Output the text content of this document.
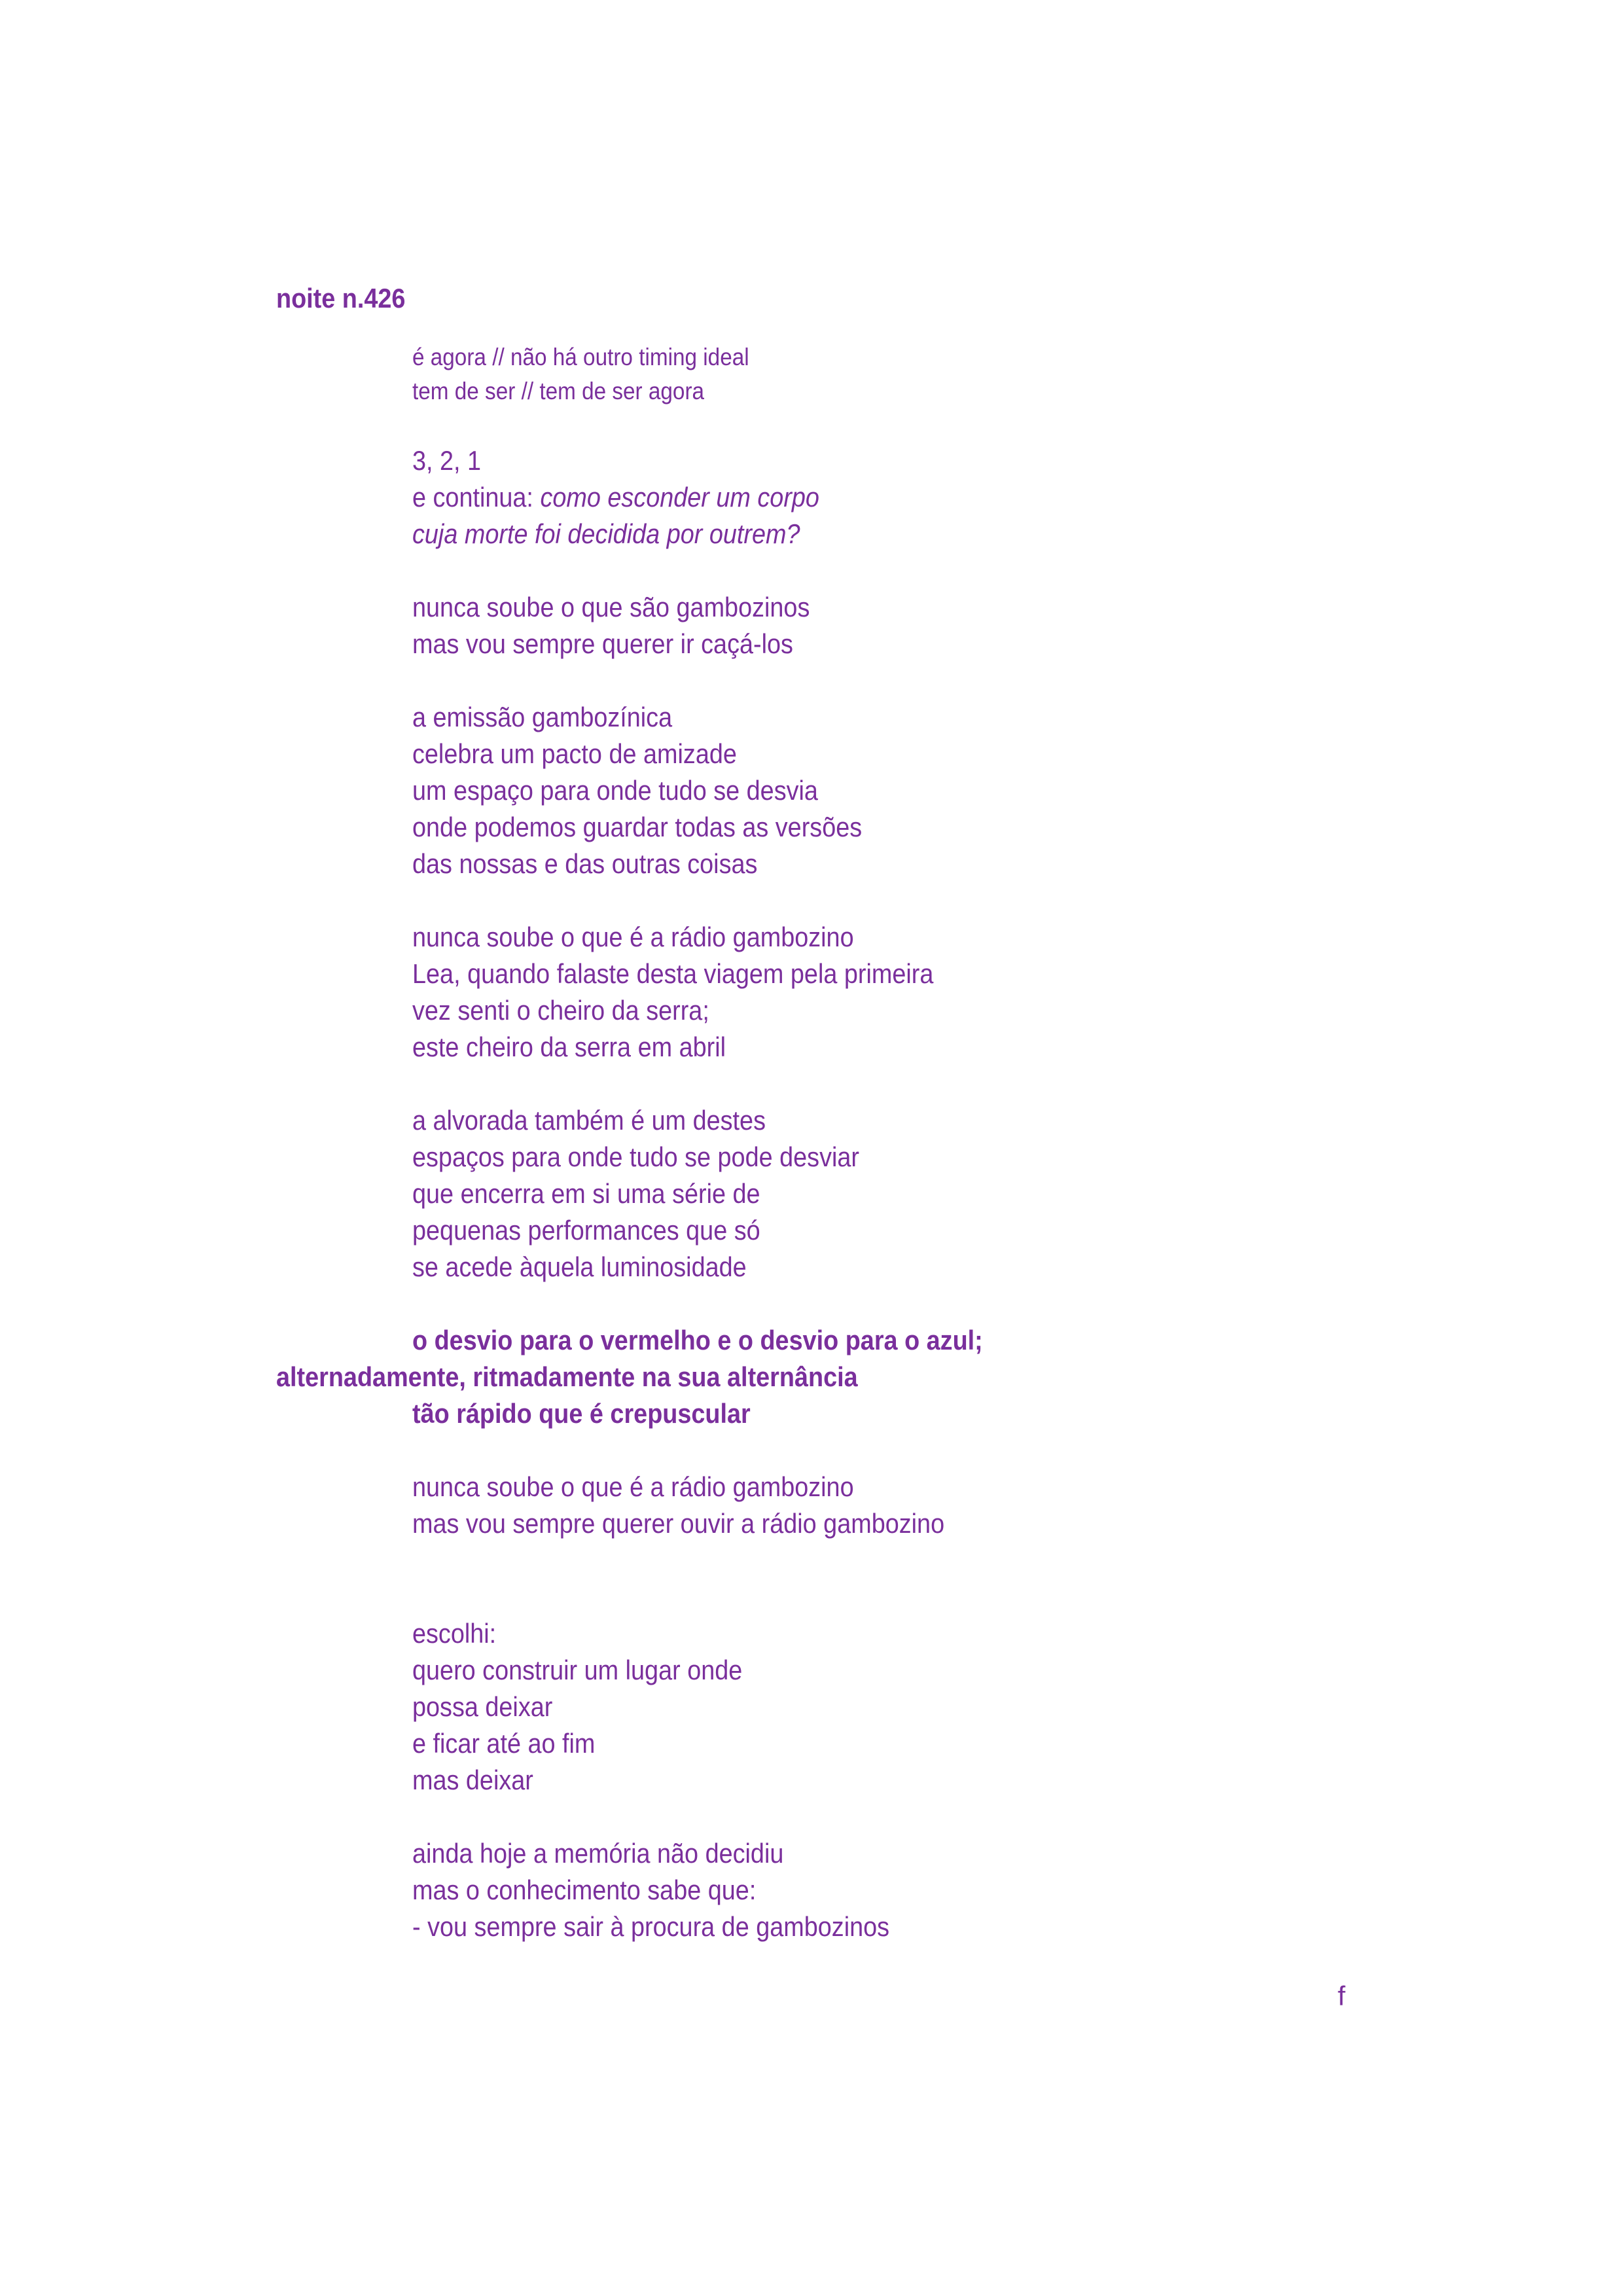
noite n.426
é agora // não há outro timing ideal
tem de ser // tem de ser agora
3, 2, 1
e continua: como esconder um corpo
cuja morte foi decidida por outrem?
nunca soube o que são gambozinos
mas vou sempre querer ir caçá-los
a emissão gambozínica
celebra um pacto de amizade
um espaço para onde tudo se desvia
onde podemos guardar todas as versões
das nossas e das outras coisas
nunca soube o que é a rádio gambozino
Lea, quando falaste desta viagem pela primeira
vez senti o cheiro da serra;
este cheiro da serra em abril
a alvorada também é um destes
espaços para onde tudo se pode desviar
que encerra em si uma série de
pequenas performances que só
se acede àquela luminosidade
o desvio para o vermelho e o desvio para o azul;
alternadamente, ritmadamente na sua alternância
tão rápido que é crepuscular
nunca soube o que é a rádio gambozino
mas vou sempre querer ouvir a rádio gambozino
escolhi:
quero construir um lugar onde
possa deixar
e ficar até ao fim
mas deixar
ainda hoje a memória não decidiu
mas o conhecimento sabe que:
- vou sempre sair à procura de gambozinos
f
